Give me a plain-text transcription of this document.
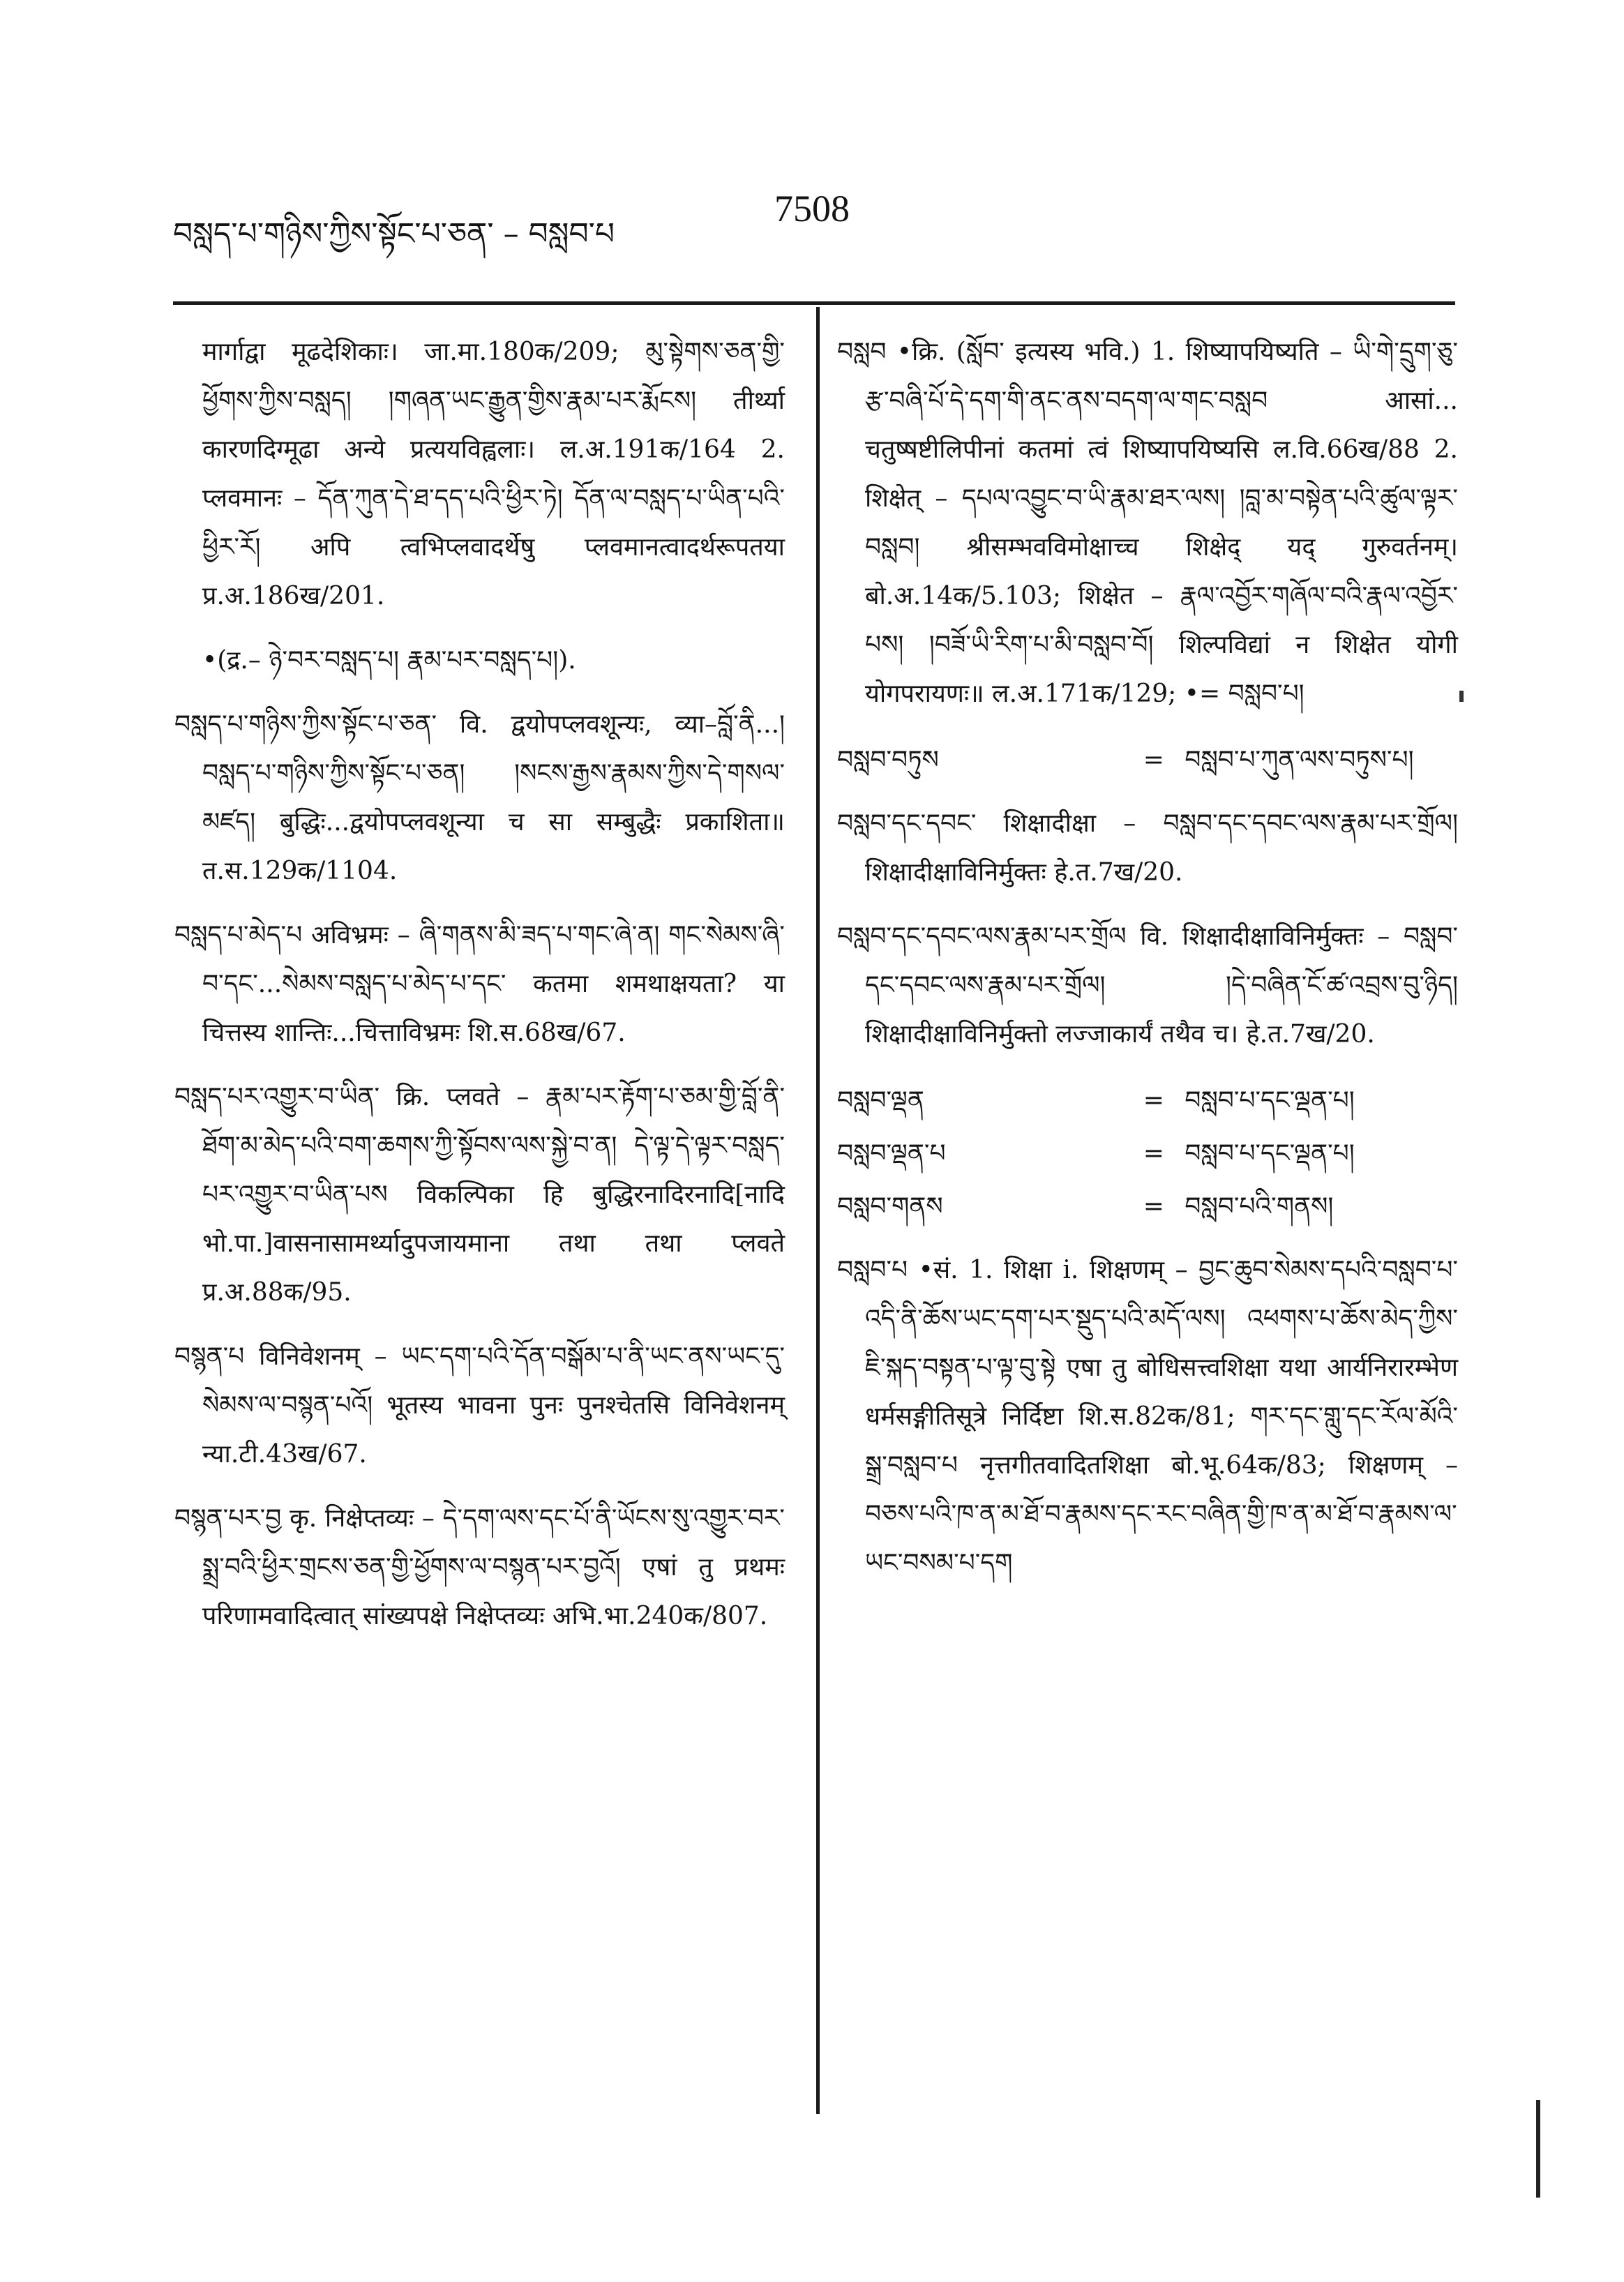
བསླད་པ་གཉིས་ཀྱིས་སྟོང་པ་ཅན་ – བསླབ་པ
7508

मार्गाद्वा मूढदेशिकाः। जा.मा.180क/209; མུ་སྟེགས་ཅན་གྱི་ཕྱོགས་ཀྱིས་བསླད། །གཞན་ཡང་རྒྱུན་གྱིས་རྣམ་པར་རྨོངས། तीर्थ्या कारणदिग्मूढा अन्ये प्रत्ययविह्वलाः। ल.अ.191क/164 2. प्लवमानः – དོན་ཀུན་དེ་ཐ་དད་པའི་ཕྱིར་ཏེ། དོན་ལ་བསླད་པ་ཡིན་པའི་ཕྱིར་རོ། अपि त्वभिप्लवादर्थेषु प्लवमानत्वादर्थरूपतया प्र.अ.186ख/201.

•(द्र.– ཉེ་བར་བསླད་པ། རྣམ་པར་བསླད་པ།).

བསླད་པ་གཉིས་ཀྱིས་སྟོང་པ་ཅན་ वि. द्वयोपप्लवशून्यः, व्या–བློ་ནི...།བསླད་པ་གཉིས་ཀྱིས་སྟོང་པ་ཅན། །སངས་རྒྱས་རྣམས་ཀྱིས་དེ་གསལ་མཛད། बुद्धिः...द्वयोपप्लवशून्या च सा सम्बुद्धैः प्रकाशिता॥ त.स.129क/1104.

བསླད་པ་མེད་པ अविभ्रमः – ཞི་གནས་མི་ཟད་པ་གང་ཞེ་ན། གང་སེམས་ཞི་བ་དང་...སེམས་བསླད་པ་མེད་པ་དང་ कतमा शमथाक्षयता? या चित्तस्य शान्तिः...चित्ताविभ्रमः शि.स.68ख/67.

བསླད་པར་འགྱུར་བ་ཡིན་ क्रि. प्लवते – རྣམ་པར་རྟོག་པ་ཅམ་གྱི་བློ་ནི་ཐོག་མ་མེད་པའི་བག་ཆགས་ཀྱི་སྟོབས་ལས་སྐྱེ་བ་ན། དེ་ལྟ་དེ་ལྟར་བསླད་པར་འགྱུར་བ་ཡིན་པས विकल्पिका हि बुद्धिरनादिरनादि[नादि भो.पा.]वासनासामर्थ्यादुपजायमाना तथा तथा प्लवते प्र.अ.88क/95.

བསྙན་པ विनिवेशनम् – ཡང་དག་པའི་དོན་བསྒོམ་པ་ནི་ཡང་ནས་ཡང་དུ་སེམས་ལ་བསྙན་པའོ། भूतस्य भावना पुनः पुनश्चेतसि विनिवेशनम् न्या.टी.43ख/67.

བསྙན་པར་བྱ कृ. निक्षेप्तव्यः – དེ་དག་ལས་དང་པོ་ནི་ཡོངས་སུ་འགྱུར་བར་སྨྲ་བའི་ཕྱིར་གྲངས་ཅན་གྱི་ཕྱོགས་ལ་བསྙན་པར་བྱའོ། एषां तु प्रथमः परिणामवादित्वात् सांख्यपक्षे निक्षेप्तव्यः अभि.भा.240क/807.

བསླབ •क्रि. (སློབ་ इत्यस्य भवि.) 1. शिष्यापयिष्यति – ཡི་གེ་དྲུག་ཅུ་རྩ་བཞི་པོ་དེ་དག་གི་ནང་ནས་བདག་ལ་གང་བསླབ आसां... चतुष्षष्टीलिपीनां कतमां त्वं शिष्यापयिष्यसि ल.वि.66ख/88 2. शिक्षेत् – དཔལ་འབྱུང་བ་ཡི་རྣམ་ཐར་ལས། །བླ་མ་བསྟེན་པའི་ཚུལ་ལྟར་བསླབ། श्रीसम्भवविमोक्षाच्च शिक्षेद् यद् गुरुवर्तनम्। बो.अ.14क/5.103; शिक्षेत – རྣལ་འབྱོར་གཞོལ་བའི་རྣལ་འབྱོར་པས། །བཟོ་ཡི་རིག་པ་མི་བསླབ་བོ། शिल्पविद्यां न शिक्षेत योगी योगपरायणः॥ ल.अ.171क/129; •= བསླབ་པ།

བསླབ་བཏུས	=	བསླབ་པ་ཀུན་ལས་བཏུས་པ།

བསླབ་དང་དབང་ शिक्षादीक्षा – བསླབ་དང་དབང་ལས་རྣམ་པར་གྲོལ། शिक्षादीक्षाविनिर्मुक्तः हे.त.7ख/20.

བསླབ་དང་དབང་ལས་རྣམ་པར་གྲོལ वि. शिक्षादीक्षाविनिर्मुक्तः – བསླབ་དང་དབང་ལས་རྣམ་པར་གྲོལ། །དེ་བཞིན་ངོ་ཚ་འབྲས་བུ་ཉིད། शिक्षादीक्षाविनिर्मुक्तो लज्जाकार्यं तथैव च। हे.त.7ख/20.

བསླབ་ལྡན	=	བསླབ་པ་དང་ལྡན་པ།
བསླབ་ལྡན་པ	=	བསླབ་པ་དང་ལྡན་པ།
བསླབ་གནས	=	བསླབ་པའི་གནས།

བསླབ་པ •सं. 1. शिक्षा i. शिक्षणम् – བྱང་ཆུབ་སེམས་དཔའི་བསླབ་པ་འདི་ནི་ཆོས་ཡང་དག་པར་སྡུད་པའི་མདོ་ལས། འཕགས་པ་ཆོས་མེད་ཀྱིས་ཇི་སྐད་བསྟན་པ་ལྟ་བུ་སྟེ एषा तु बोधिसत्त्वशिक्षा यथा आर्यनिरारम्भेण धर्मसङ्गीतिसूत्रे निर्दिष्टा शि.स.82क/81; གར་དང་གླུ་དང་རོལ་མོའི་སྒྲ་བསླབ་པ नृत्तगीतवादितशिक्षा बो.भू.64क/83; शिक्षणम् – བཅས་པའི་ཁ་ན་མ་ཐོ་བ་རྣམས་དང་རང་བཞིན་གྱི་ཁ་ན་མ་ཐོ་བ་རྣམས་ལ་ཡང་བསམ་པ་དག
